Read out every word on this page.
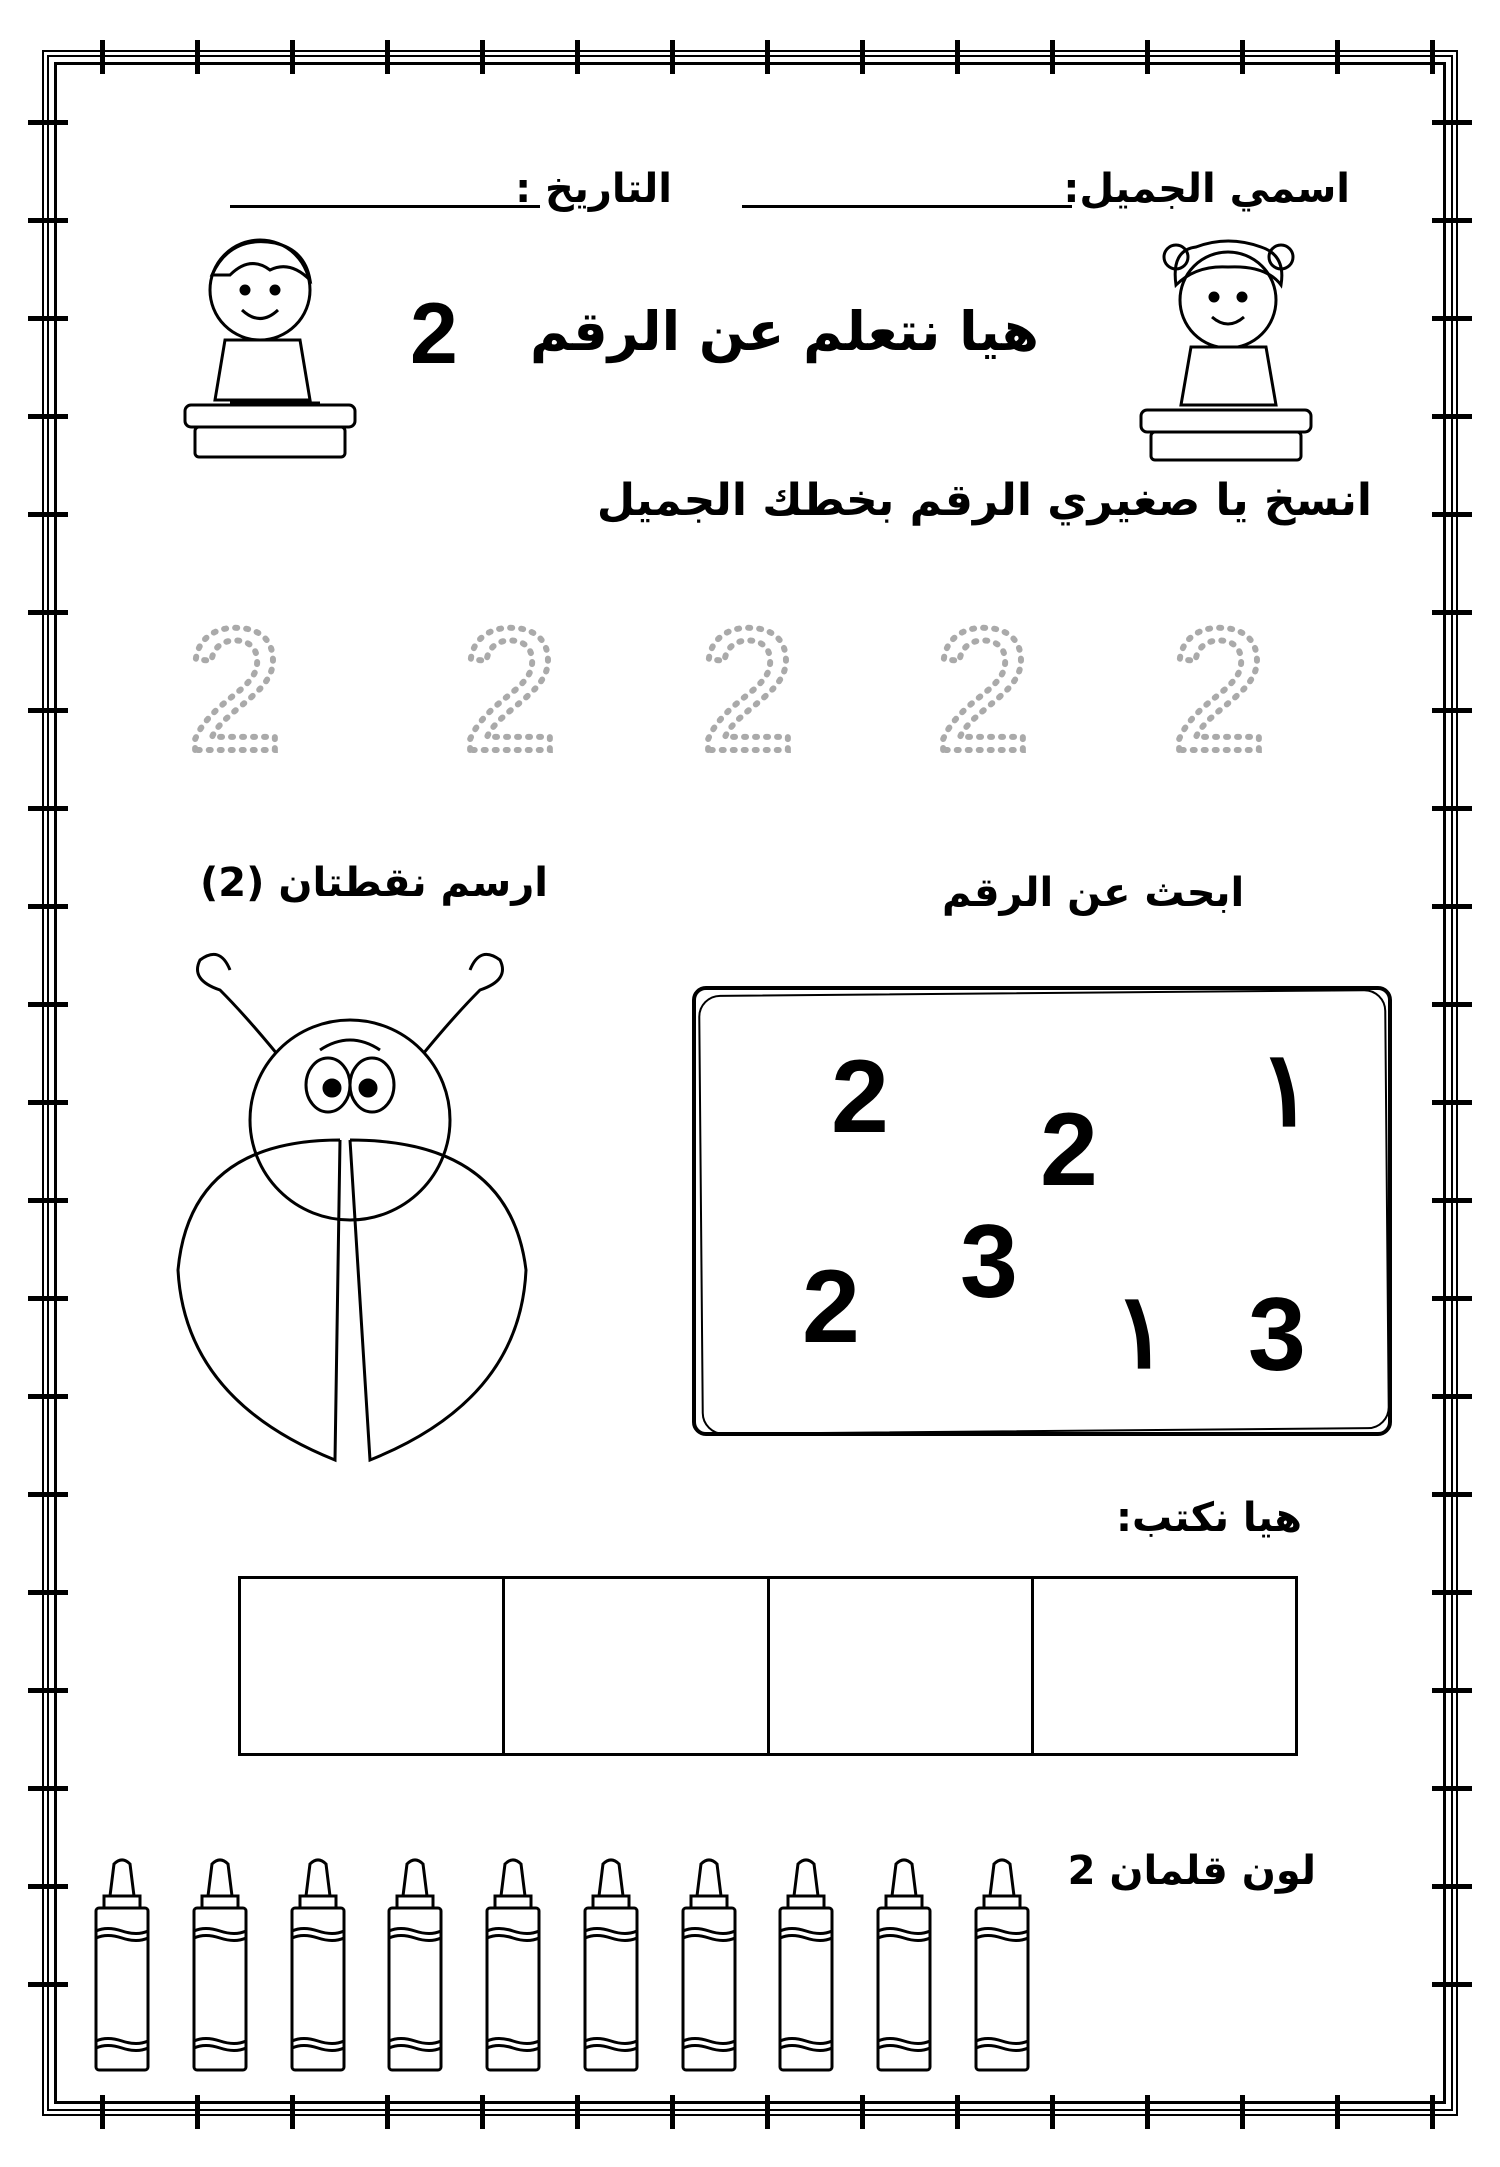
اسمي الجميل:
التاريخ :
هيا نتعلم عن الرقم
2
انسخ يا صغيري الرقم بخطك الجميل
2 2 2 2 2
ارسم نقطتان (2)	ابحث عن الرقم
2 2
١
3
2 ١ 3
هيا نكتب:
لون قلمان 2
